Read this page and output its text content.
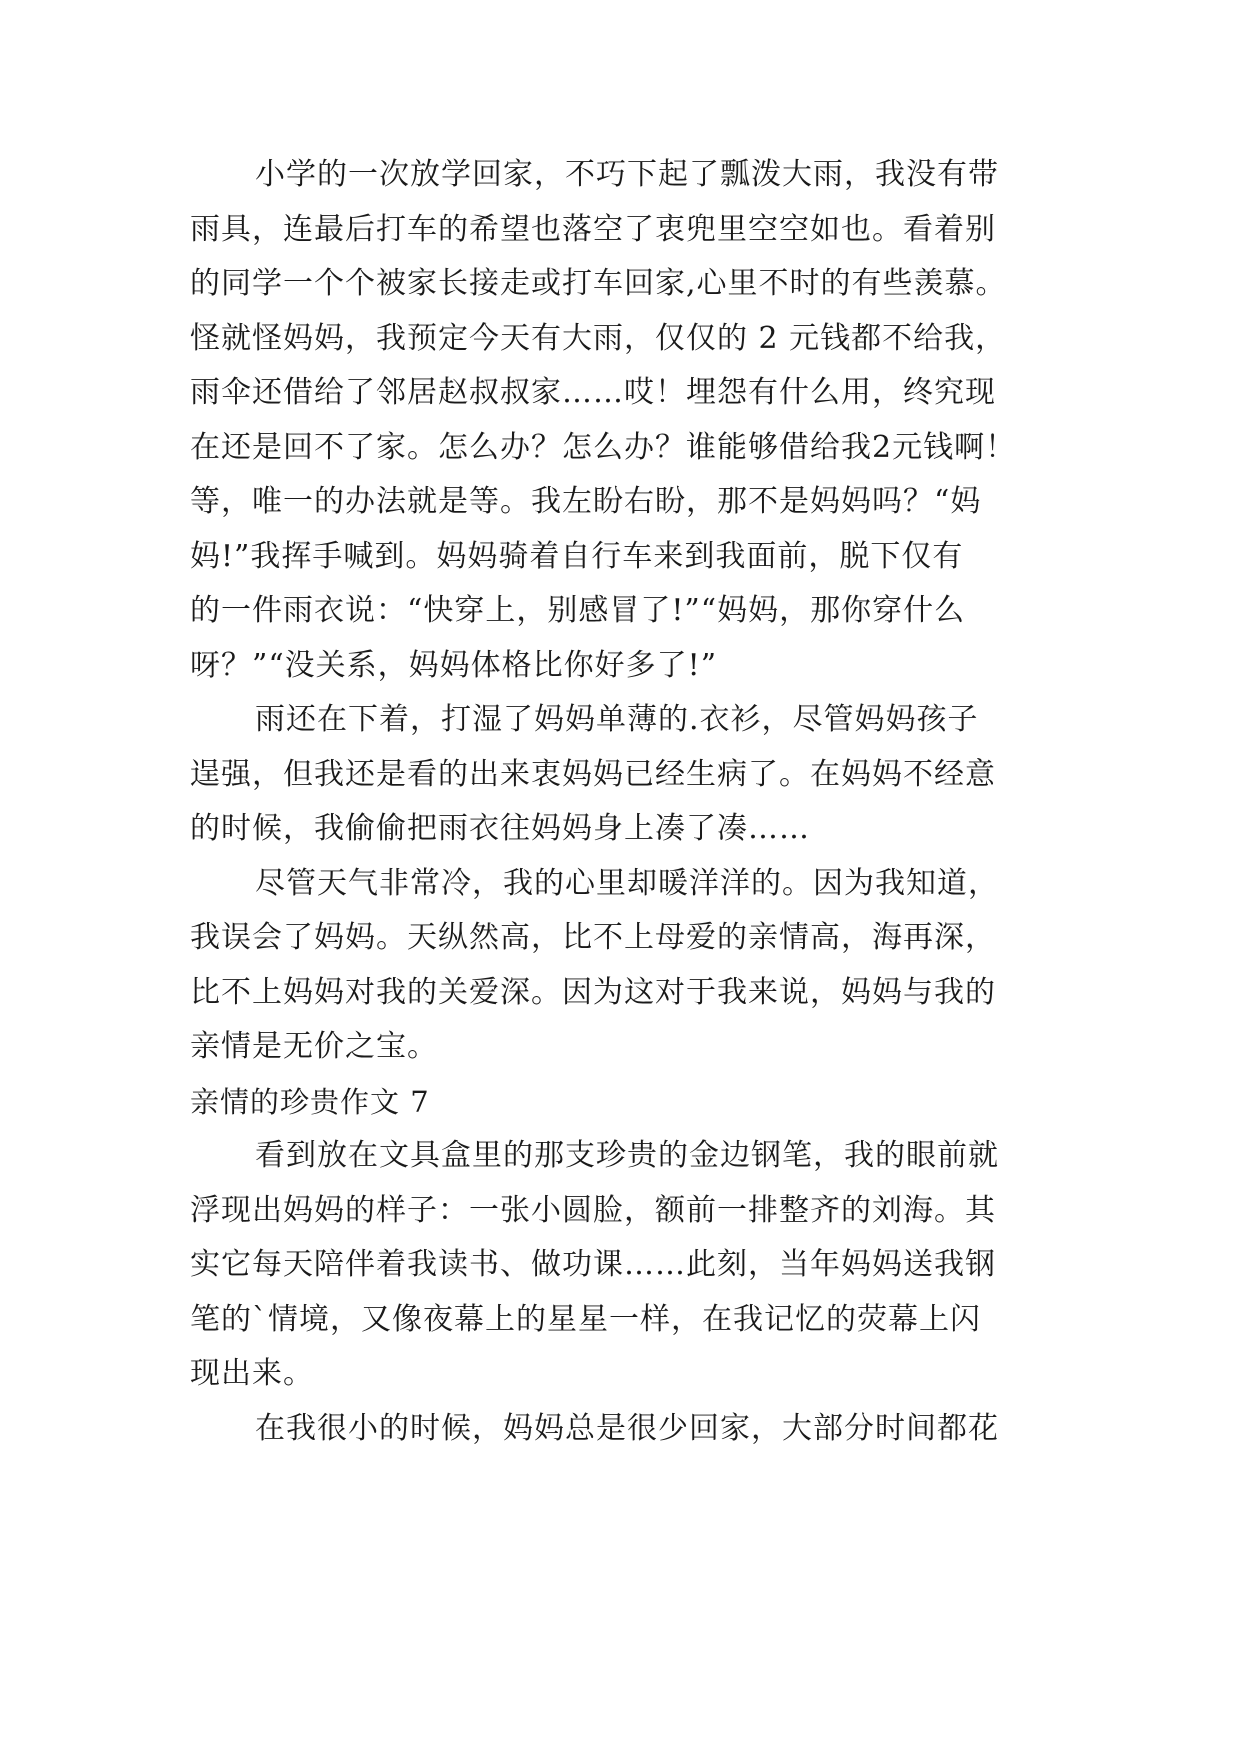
小学的一次放学回家，不巧下起了瓢泼大雨，我没有带

雨具，连最后打车的希望也落空了衷兜里空空如也。看着别

的同学一个个被家长接走或打车回家,心里不时的有些羡慕。

怪就怪妈妈，我预定今天有大雨，仅仅的 2 元钱都不给我，

雨伞还借给了邻居赵叔叔家……哎！埋怨有什么用，终究现

在还是回不了家。怎么办？怎么办？谁能够借给我2元钱啊！

等，唯一的办法就是等。我左盼右盼，那不是妈妈吗？“妈

妈!”我挥手喊到。妈妈骑着自行车来到我面前，脱下仅有

的一件雨衣说：“快穿上，别感冒了!”“妈妈，那你穿什么

呀？”“没关系，妈妈体格比你好多了!”

雨还在下着，打湿了妈妈单薄的.衣衫，尽管妈妈孩子

逞强，但我还是看的出来衷妈妈已经生病了。在妈妈不经意

的时候，我偷偷把雨衣往妈妈身上凑了凑……

尽管天气非常冷，我的心里却暖洋洋的。因为我知道，

我误会了妈妈。天纵然高，比不上母爱的亲情高，海再深，

比不上妈妈对我的关爱深。因为这对于我来说，妈妈与我的

亲情是无价之宝。

亲情的珍贵作文 7

看到放在文具盒里的那支珍贵的金边钢笔，我的眼前就

浮现出妈妈的样子：一张小圆脸，额前一排整齐的刘海。其

实它每天陪伴着我读书、做功课……此刻，当年妈妈送我钢

笔的`情境，又像夜幕上的星星一样，在我记忆的荧幕上闪

现出来。

在我很小的时候，妈妈总是很少回家，大部分时间都花
